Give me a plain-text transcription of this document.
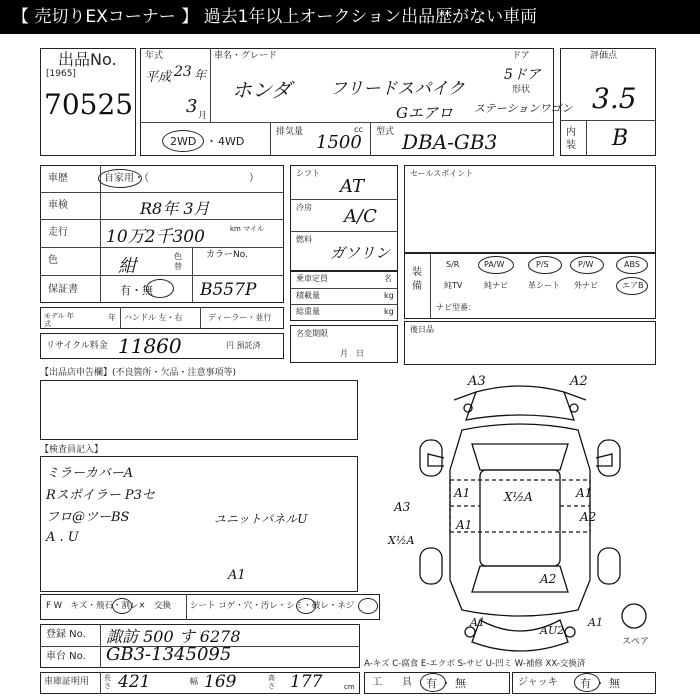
【 売切りEXコーナー 】 過去1年以上オークション出品歴がない車両
出品No.
[1965]
70525
年式
平成 23 年
3 月
2WD ・ 4WD
車名・グレード
ホンダ フリードスパイク
Gエアロ
ドア
5ドア
形状
ステーションワゴン
排気量 1500
cc 型式 DBA-GB3
評価点
3.5
内装 B
車歴	自家用・（　　　　　　　　　　）
車検	R8年 3月
走行 10万2千300	km マイル
色	紺	色替
カラーNo.
保証書	有・無	B557P
モデル 年式
年 ハンドル 左・右	ディーラー・並行
リサイクル料金 11860	円 預託済
シフト
AT
冷房 A/C
燃料
ガソリン
乗車定員	名
積載量	kg
総重量	kg
名変期限
月　日
セールスポイント
装備
S/R	PA/W	P/S	P/W	ABS
純TV	純ナビ	革シート 外ナビ	エアB
ナビ型番：
後日品
【出品店申告欄】(不良箇所・欠品・注意事項等)
【検査員記入】
ミラーカバーA
Rスポイラー P3セ
フロ@ツーBS
A . U
ユニットパネルU
F W　キズ・飛石・割レ×　交換 シート コゲ・穴・汚レ・シミ・破レ・ネジ
A1
A3	A2
A3
X½A
A1
A1
X½A	A1
A2
A2
A1
AU2
A1
スペア
登録 No. 諏訪 500 す 6278
車台 No. GB3-1345095
車庫証明用 長さ 421	幅 169	高さ 177	cm
A-キズ C-腐食 E-エクボ S-サビ U-凹ミ W-補修 XX-交換済
工　　具 有 ・ 無	ジャッキ 有 ・ 無
